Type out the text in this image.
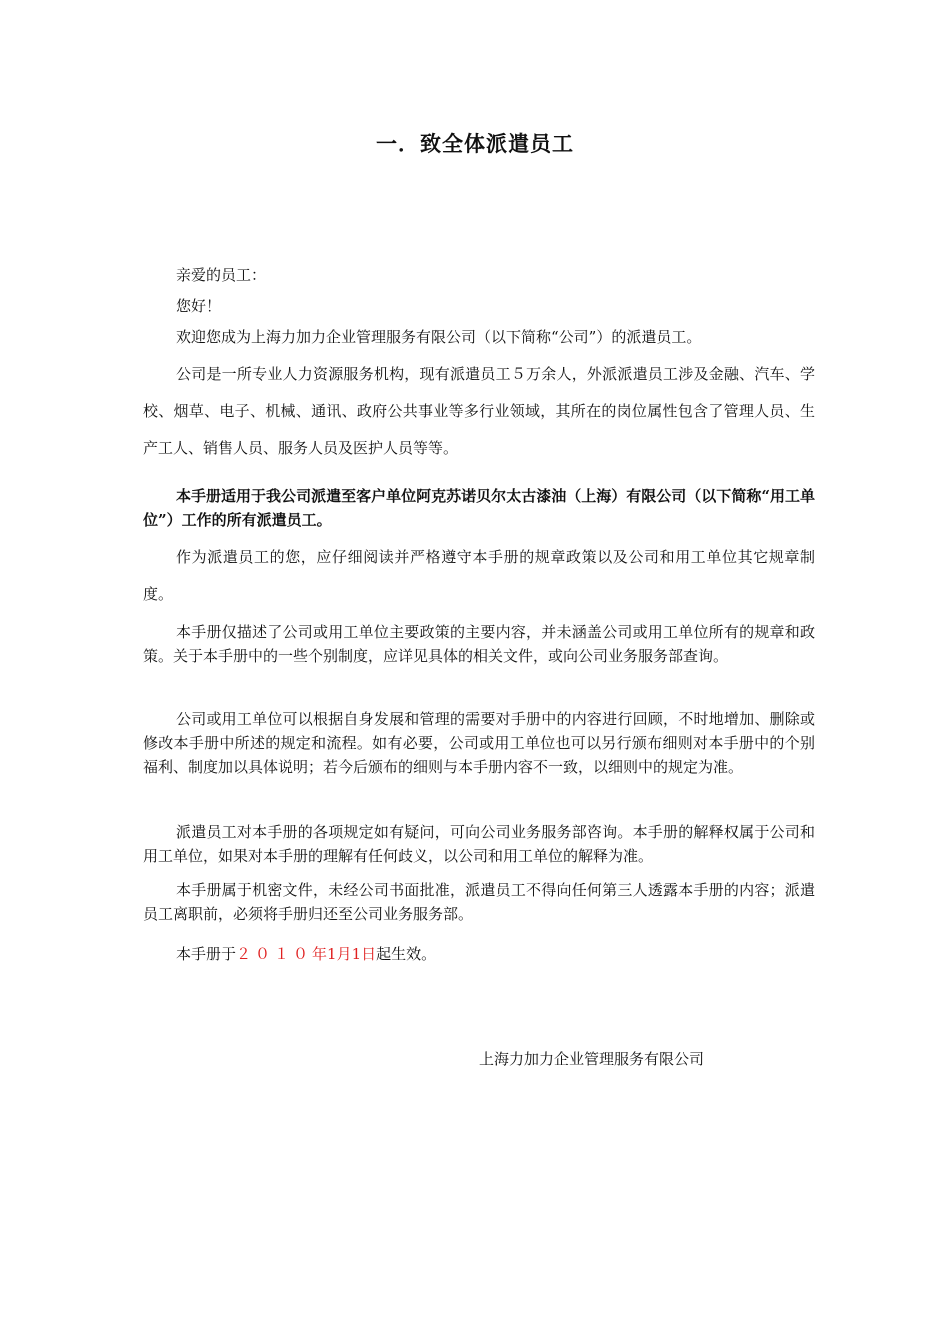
一．致全体派遣员工

亲爱的员工：

您好！

欢迎您成为上海力加力企业管理服务有限公司（以下简称“公司”）的派遣员工。

公司是一所专业人力资源服务机构，现有派遣员工５万余人，外派派遣员工涉及金融、汽车、学校、烟草、电子、机械、通讯、政府公共事业等多行业领域，其所在的岗位属性包含了管理人员、生产工人、销售人员、服务人员及医护人员等等。

本手册适用于我公司派遣至客户单位阿克苏诺贝尔太古漆油（上海）有限公司（以下简称“用工单位”）工作的所有派遣员工。

作为派遣员工的您，应仔细阅读并严格遵守本手册的规章政策以及公司和用工单位其它规章制度。

本手册仅描述了公司或用工单位主要政策的主要内容，并未涵盖公司或用工单位所有的规章和政策。关于本手册中的一些个别制度，应详见具体的相关文件，或向公司业务服务部查询。

公司或用工单位可以根据自身发展和管理的需要对手册中的内容进行回顾，不时地增加、删除或修改本手册中所述的规定和流程。如有必要，公司或用工单位也可以另行颁布细则对本手册中的个别福利、制度加以具体说明；若今后颁布的细则与本手册内容不一致，以细则中的规定为准。

派遣员工对本手册的各项规定如有疑问，可向公司业务服务部咨询。本手册的解释权属于公司和用工单位，如果对本手册的理解有任何歧义，以公司和用工单位的解释为准。

本手册属于机密文件，未经公司书面批准，派遣员工不得向任何第三人透露本手册的内容；派遣员工离职前，必须将手册归还至公司业务服务部。

本手册于２０１０年1月1日起生效。

上海力加力企业管理服务有限公司
